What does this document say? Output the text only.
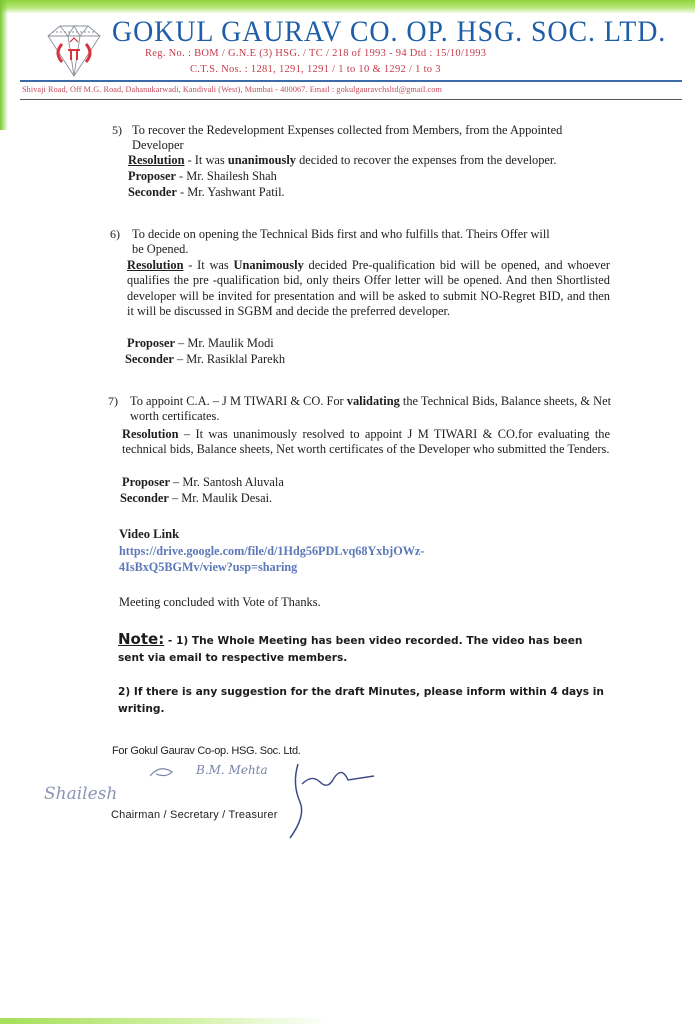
GOKUL GAURAV CO. OP. HSG. SOC. LTD.
Reg. No. : BOM / G.N.E (3) HSG. / TC / 218 of 1993 - 94 Dtd : 15/10/1993
C.T.S. Nos. : 1281, 1291, 1291 / 1 to 10 & 1292 / 1 to 3
Shivaji Road, Off M.G. Road, Dahanukarwadi, Kandivali (West), Mumbai - 400067. Email : gokulgauravchsltd@gmail.com
5) To recover the Redevelopment Expenses collected from Members, from the Appointed
Developer
Resolution - It was unanimously decided to recover the expenses from the developer.
Proposer - Mr. Shailesh Shah
Seconder - Mr. Yashwant Patil.
6) To decide on opening the Technical Bids first and who fulfills that. Theirs Offer will
be Opened.
Resolution - It was Unanimously decided Pre-qualification bid will be opened, and whoever qualifies the pre -qualification bid, only theirs Offer letter will be opened. And then Shortlisted developer will be invited for presentation and will be asked to submit NO-Regret BID, and then it will be discussed in SGBM and decide the preferred developer.
Proposer – Mr. Maulik Modi
Seconder – Mr. Rasiklal Parekh
7) To appoint C.A. – J M TIWARI & CO. For validating the Technical Bids, Balance sheets, & Net worth certificates.
Resolution – It was unanimously resolved to appoint J M TIWARI & CO.for evaluating the technical bids, Balance sheets, Net worth certificates of the Developer who submitted the Tenders.
Proposer – Mr. Santosh Aluvala
Seconder – Mr. Maulik Desai.
Video Link
https://drive.google.com/file/d/1Hdg56PDLvq68YxbjOWz-
4IsBxQ5BGMv/view?usp=sharing
Meeting concluded with Vote of Thanks.
Note: - 1) The Whole Meeting has been video recorded. The video has been sent via email to respective members.
2) If there is any suggestion for the draft Minutes, please inform within 4 days in writing.
For Gokul Gaurav Co-op. HSG. Soc. Ltd.
Shailesh
B.M. Mehta
Chairman / Secretary / Treasurer
